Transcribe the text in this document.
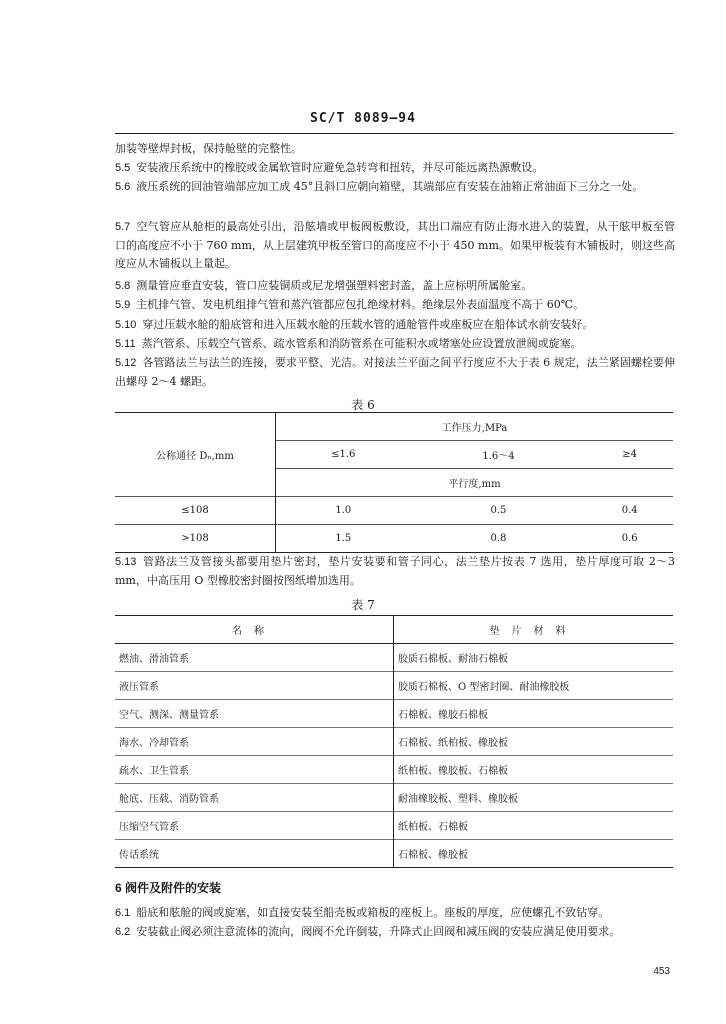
SC/T 8089—94

加装等壁焊封板，保持舱壁的完整性。

5.5 安装液压系统中的橡胶或金属软管时应避免急转弯和扭转，并尽可能远离热源敷设。

5.6 液压系统的回油管端部应加工成 45°且斜口应朝向箱壁，其端部应有安装在油箱正常油面下三分之一处。

5.7 空气管应从舱柜的最高处引出，沿舷墙或甲板阀板敷设，其出口端应有防止海水进入的装置，从干舷甲板至管口的高度应不小于 760 mm，从上层建筑甲板至管口的高度应不小于 450 mm。如果甲板装有木铺板时，则这些高度应从木铺板以上量起。

5.8 测量管应垂直安装，管口应装铜质或尼龙增强塑料密封盖，盖上应标明所属舱室。

5.9 主机排气管、发电机组排气管和蒸汽管都应包扎绝缘材料。绝缘层外表面温度不高于 60℃。

5.10 穿过压载水舱的船底管和进入压载水舱的压载水管的通舱管件或座板应在船体试水前安装好。

5.11 蒸汽管系、压载空气管系、疏水管系和消防管系在可能积水或堵塞处应设置放泄阀或旋塞。

5.12 各管路法兰与法兰的连接，要求平整、光洁。对接法兰平面之间平行度应不大于表 6 规定，法兰紧固螺栓要伸出螺母 2～4 螺距。

表 6
公称通径 Dₙ,mm	工作压力,MPa		
	≤1.6	1.6～4	≥4
	平行度,mm		
≤108	1.0	0.5	0.4
>108	1.5	0.8	0.6

5.13 管路法兰及管接头都要用垫片密封，垫片安装要和管子同心，法兰垫片按表 7 选用，垫片厚度可取 2～3 mm，中高压用 O 型橡胶密封圈按图纸增加选用。

表 7
名称	垫片材料
燃油、滑油管系	胶质石棉板、耐油石棉板
液压管系	胶质石棉板、O 型密封圈、耐油橡胶板
空气、测深、测量管系	石棉板、橡胶石棉板
海水、冷却管系	石棉板、纸柏板、橡胶板
疏水、卫生管系	纸柏板、橡胶板、石棉板
舱底、压载、消防管系	耐油橡胶板、塑料、橡胶板
压缩空气管系	纸柏板、石棉板
传话系统	石棉板、橡胶板
6 阀件及附件的安装

6.1 船底和舷舱的阀或旋塞，如直接安装至船壳板或箱板的座板上。座板的厚度，应使螺孔不致钻穿。

6.2 安装截止阀必须注意流体的流向，阀阀不允许倒装，升降式止回阀和减压阀的安装应满足使用要求。

453
